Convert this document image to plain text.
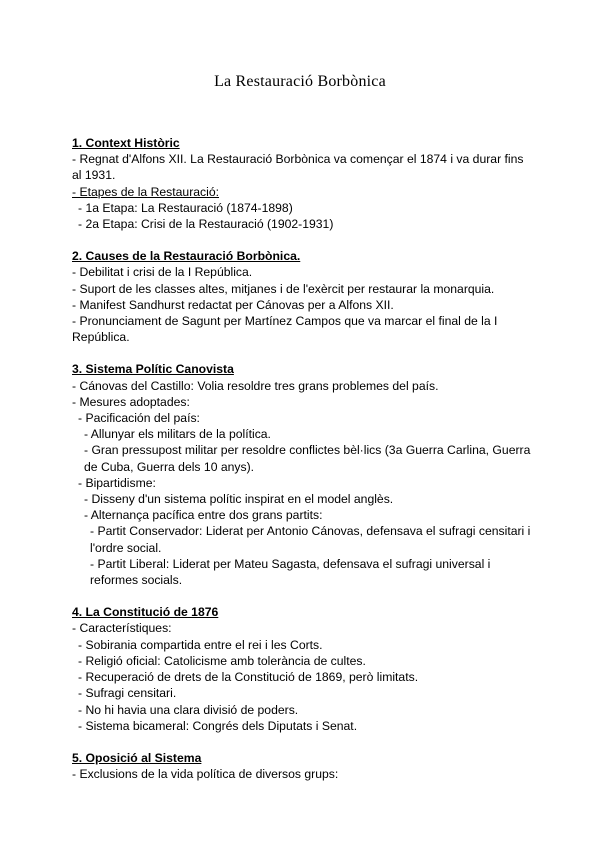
La Restauració Borbònica
1. Context Històric
- Regnat d'Alfons XII. La Restauració Borbònica va començar el 1874 i va durar fins al 1931.
- Etapes de la Restauració:
- 1a Etapa: La Restauració (1874-1898)
- 2a Etapa: Crisi de la Restauració (1902-1931)
2. Causes de la Restauració Borbònica.
- Debilitat i crisi de la I República.
- Suport de les classes altes, mitjanes i de l'exèrcit per restaurar la monarquia.
- Manifest Sandhurst redactat per Cánovas per a Alfons XII.
- Pronunciament de Sagunt per Martínez Campos que va marcar el final de la I República.
3. Sistema Polític Canovista
- Cánovas del Castillo: Volia resoldre tres grans problemes del país.
- Mesures adoptades:
- Pacificación del país:
- Allunyar els militars de la política.
- Gran pressupost militar per resoldre conflictes bèl·lics (3a Guerra Carlina, Guerra de Cuba, Guerra dels 10 anys).
- Bipartidisme:
- Disseny d'un sistema polític inspirat en el model anglès.
- Alternança pacífica entre dos grans partits:
- Partit Conservador: Liderat per Antonio Cánovas, defensava el sufragi censitari i l'ordre social.
- Partit Liberal: Liderat per Mateu Sagasta, defensava el sufragi universal i reformes socials.
4. La Constitució de 1876
- Característiques:
- Sobirania compartida entre el rei i les Corts.
- Religió oficial: Catolicisme amb tolerància de cultes.
- Recuperació de drets de la Constitució de 1869, però limitats.
- Sufragi censitari.
- No hi havia una clara divisió de poders.
- Sistema bicameral: Congrés dels Diputats i Senat.
5. Oposició al Sistema
- Exclusions de la vida política de diversos grups:
